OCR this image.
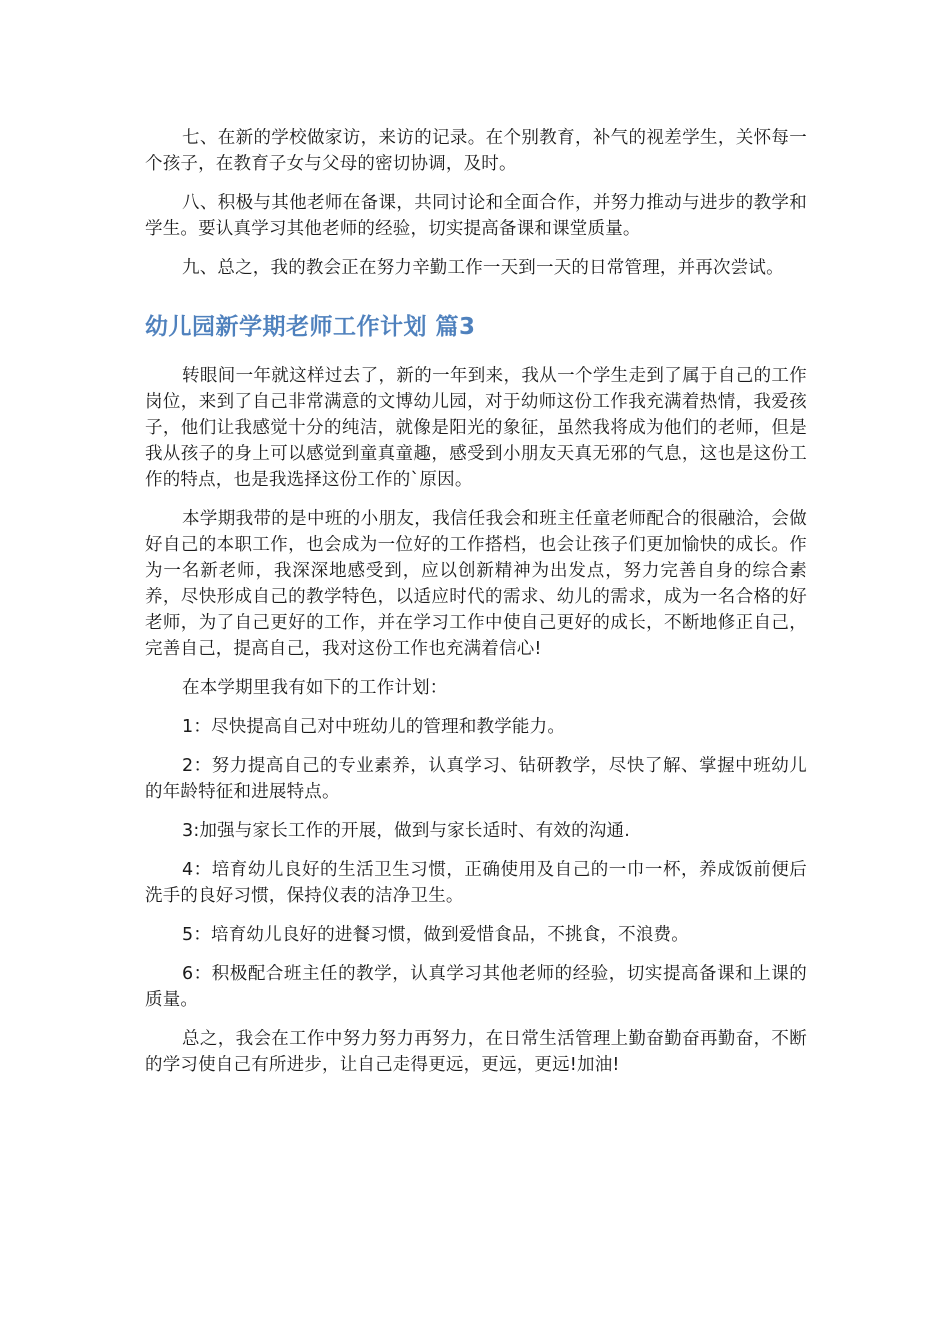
七、在新的学校做家访，来访的记录。在个别教育，补气的视差学生，关怀每一个孩子，在教育子女与父母的密切协调，及时。

八、积极与其他老师在备课，共同讨论和全面合作，并努力推动与进步的教学和学生。要认真学习其他老师的经验，切实提高备课和课堂质量。

九、总之，我的教会正在努力辛勤工作一天到一天的日常管理，并再次尝试。

幼儿园新学期老师工作计划 篇3

转眼间一年就这样过去了，新的一年到来，我从一个学生走到了属于自己的工作岗位，来到了自己非常满意的文博幼儿园，对于幼师这份工作我充满着热情，我爱孩子，他们让我感觉十分的纯洁，就像是阳光的象征，虽然我将成为他们的老师，但是我从孩子的身上可以感觉到童真童趣，感受到小朋友天真无邪的气息，这也是这份工作的特点，也是我选择这份工作的`原因。

本学期我带的是中班的小朋友，我信任我会和班主任童老师配合的很融洽，会做好自己的本职工作，也会成为一位好的工作搭档，也会让孩子们更加愉快的成长。作为一名新老师，我深深地感受到，应以创新精神为出发点，努力完善自身的综合素养，尽快形成自己的教学特色，以适应时代的需求、幼儿的需求，成为一名合格的好老师，为了自己更好的工作，并在学习工作中使自己更好的成长，不断地修正自己，完善自己，提高自己，我对这份工作也充满着信心!

在本学期里我有如下的工作计划：

1：尽快提高自己对中班幼儿的管理和教学能力。

2：努力提高自己的专业素养，认真学习、钻研教学，尽快了解、掌握中班幼儿的年龄特征和进展特点。

3:加强与家长工作的开展，做到与家长适时、有效的沟通.

4：培育幼儿良好的生活卫生习惯，正确使用及自己的一巾一杯，养成饭前便后洗手的良好习惯，保持仪表的洁净卫生。

5：培育幼儿良好的进餐习惯，做到爱惜食品，不挑食，不浪费。

6：积极配合班主任的教学，认真学习其他老师的经验，切实提高备课和上课的质量。

总之，我会在工作中努力努力再努力，在日常生活管理上勤奋勤奋再勤奋，不断的学习使自己有所进步，让自己走得更远，更远，更远!加油!
